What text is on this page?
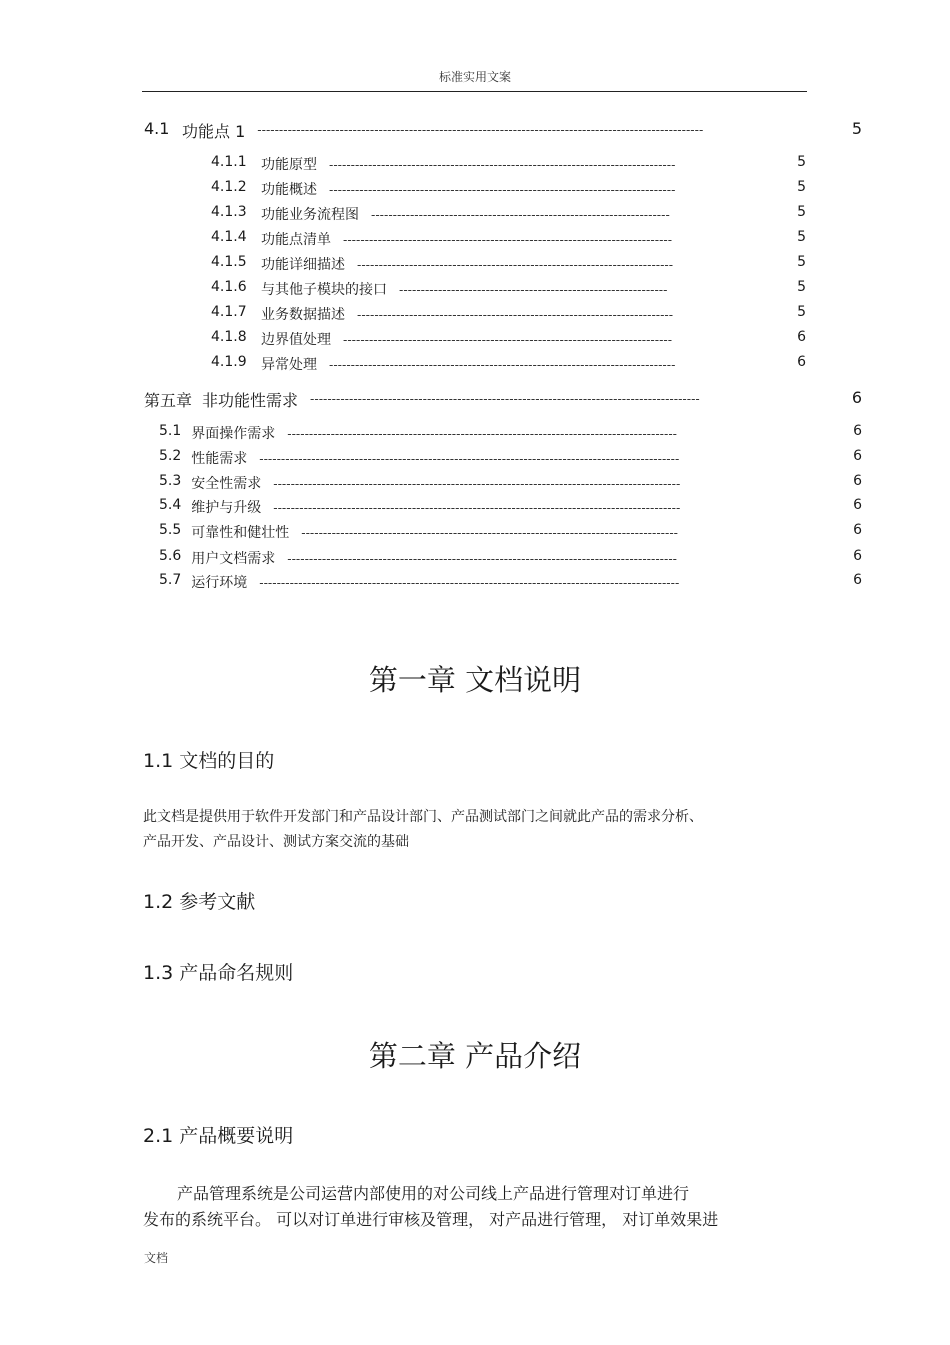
标准实用文案
4.1 功能点 1 -------------------------------------------------------------------------------------------------------	5
4.1.1 功能原型 --------------------------------------------------------------------------------	5
4.1.2 功能概述 --------------------------------------------------------------------------------	5
4.1.3 功能业务流程图 ---------------------------------------------------------------------	5
4.1.4 功能点清单 ----------------------------------------------------------------------------	5
4.1.5 功能详细描述 -------------------------------------------------------------------------	5
4.1.6 与其他子模块的接口 --------------------------------------------------------------	5
4.1.7 业务数据描述 -------------------------------------------------------------------------	5
4.1.8 边界值处理 ----------------------------------------------------------------------------	6
4.1.9 异常处理 --------------------------------------------------------------------------------	6
第五章 非功能性需求 ------------------------------------------------------------------------------------------	6
5.1 界面操作需求 ------------------------------------------------------------------------------------------	6
5.2 性能需求 -------------------------------------------------------------------------------------------------	6
5.3 安全性需求 ----------------------------------------------------------------------------------------------	6
5.4 维护与升级 ----------------------------------------------------------------------------------------------	6
5.5 可靠性和健壮性 ---------------------------------------------------------------------------------------	6
5.6 用户文档需求 ------------------------------------------------------------------------------------------	6
5.7 运行环境 -------------------------------------------------------------------------------------------------	6
第一章 文档说明
1.1 文档的目的
此文档是提供用于软件开发部门和产品设计部门、产品测试部门之间就此产品的需求分析、
产品开发、产品设计、测试方案交流的基础
1.2 参考文献
1.3 产品命名规则
第二章 产品介绍
2.1 产品概要说明
产品管理系统是公司运营内部使用的对公司线上产品进行管理对订单进行
发布的系统平台。 可以对订单进行审核及管理， 对产品进行管理， 对订单效果进
文档
